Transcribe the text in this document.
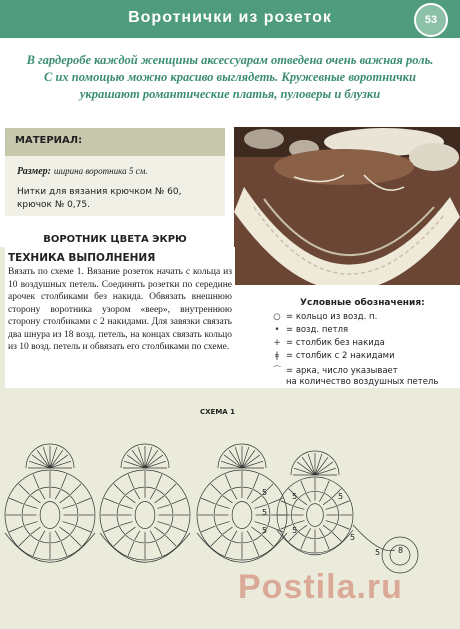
Воротнички из розеток	53
В гардеробе каждой женщины аксессуарам отведена очень важная роль.
С их помощью можно красиво выглядеть. Кружевные воротнички
украшают романтические платья, пуловеры и блузки
МАТЕРИАЛ:
Размер: ширина воротника 5 см.
Нитки для вязания крючком № 60,
крючок № 0,75.
ВОРОТНИК ЦВЕТА ЭКРЮ
ТЕХНИКА ВЫПОЛНЕНИЯ
Вязать по схеме 1. Вязание розеток начать с кольца из 10 воздушных петель. Соединять розетки по середине арочек столбиками без накида. Обвязать внешнюю сторону воротника узором «веер», внутреннюю сторону столбиками с 2 накидами. Для завязки связать два шнура из 18 возд. петель, на концах связать кольцо из 10 возд. петель и обвязать его столбиками по схеме.
Условные обозначения:
○ = кольцо из возд. п.
• = возд. петля
+ = столбик без накида
ǂ = столбик с 2 накидами
⌒ = арка, число указывает
на количество воздушных петель
СХЕМА 1
5
5
5
5	5
5
5
5 8
Postila.ru
